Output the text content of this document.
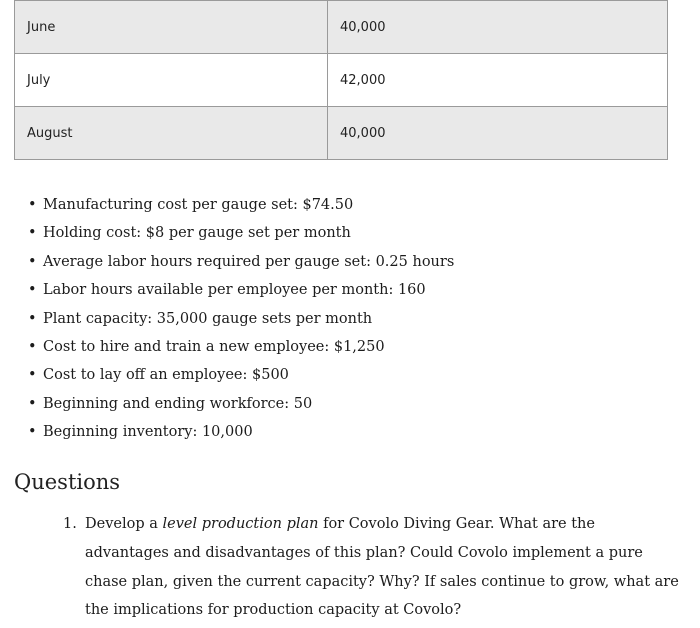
June	40,000
July	42,000
August	40,000
• Manufacturing cost per gauge set: $74.50
• Holding cost: $8 per gauge set per month
• Average labor hours required per gauge set: 0.25 hours
• Labor hours available per employee per month: 160
• Plant capacity: 35,000 gauge sets per month
• Cost to hire and train a new employee: $1,250
• Cost to lay off an employee: $500
• Beginning and ending workforce: 50
• Beginning inventory: 10,000
Questions
1. Develop a level production plan for Covolo Diving Gear. What are the advantages and disadvantages of this plan? Could Covolo implement a pure chase plan, given the current capacity? Why? If sales continue to grow, what are the implications for production capacity at Covolo?
